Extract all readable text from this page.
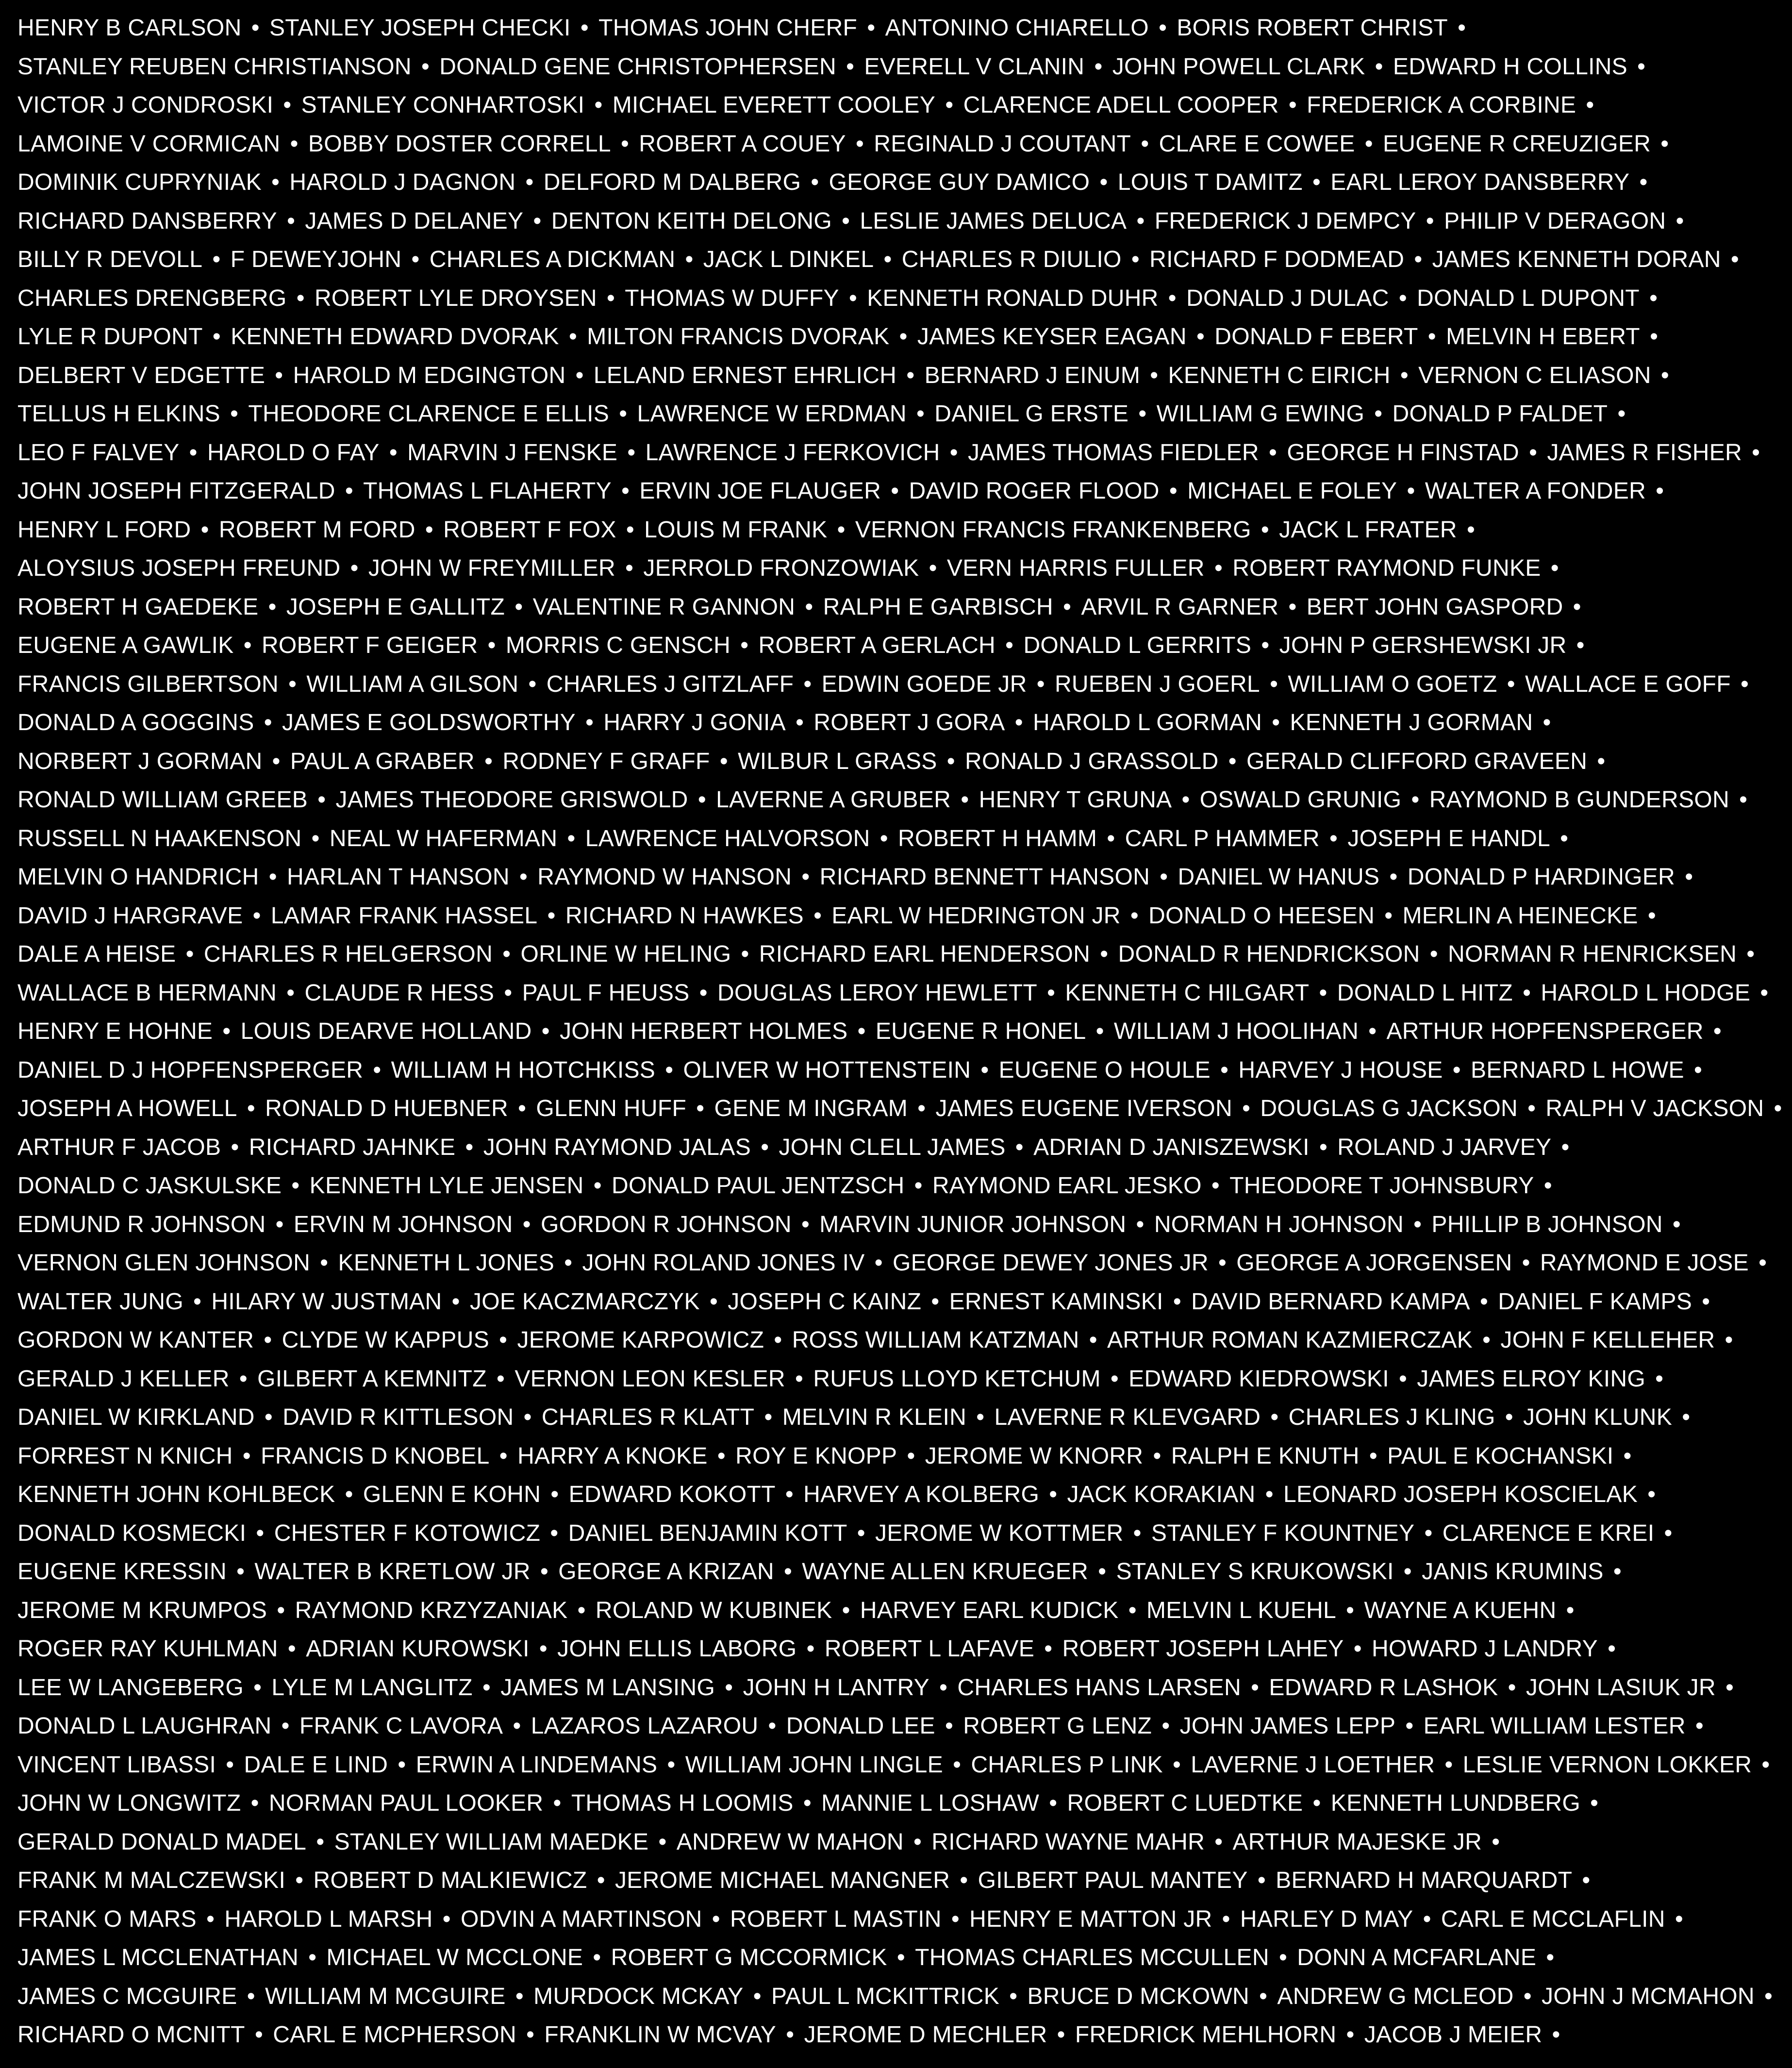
HENRY B CARLSON • STANLEY JOSEPH CHECKI • THOMAS JOHN CHERF • ANTONINO CHIARELLO • BORIS ROBERT CHRIST •
STANLEY REUBEN CHRISTIANSON • DONALD GENE CHRISTOPHERSEN • EVERELL V CLANIN • JOHN POWELL CLARK • EDWARD H COLLINS •
VICTOR J CONDROSKI • STANLEY CONHARTOSKI • MICHAEL EVERETT COOLEY • CLARENCE ADELL COOPER • FREDERICK A CORBINE •
LAMOINE V CORMICAN • BOBBY DOSTER CORRELL • ROBERT A COUEY • REGINALD J COUTANT • CLARE E COWEE • EUGENE R CREUZIGER •
DOMINIK CUPRYNIAK • HAROLD J DAGNON • DELFORD M DALBERG • GEORGE GUY DAMICO • LOUIS T DAMITZ • EARL LEROY DANSBERRY •
RICHARD DANSBERRY • JAMES D DELANEY • DENTON KEITH DELONG • LESLIE JAMES DELUCA • FREDERICK J DEMPCY • PHILIP V DERAGON •
BILLY R DEVOLL • F DEWEYJOHN • CHARLES A DICKMAN • JACK L DINKEL • CHARLES R DIULIO • RICHARD F DODMEAD • JAMES KENNETH DORAN •
CHARLES DRENGBERG • ROBERT LYLE DROYSEN • THOMAS W DUFFY • KENNETH RONALD DUHR • DONALD J DULAC • DONALD L DUPONT •
LYLE R DUPONT • KENNETH EDWARD DVORAK • MILTON FRANCIS DVORAK • JAMES KEYSER EAGAN • DONALD F EBERT • MELVIN H EBERT •
DELBERT V EDGETTE • HAROLD M EDGINGTON • LELAND ERNEST EHRLICH • BERNARD J EINUM • KENNETH C EIRICH • VERNON C ELIASON •
TELLUS H ELKINS • THEODORE CLARENCE E ELLIS • LAWRENCE W ERDMAN • DANIEL G ERSTE • WILLIAM G EWING • DONALD P FALDET •
LEO F FALVEY • HAROLD O FAY • MARVIN J FENSKE • LAWRENCE J FERKOVICH • JAMES THOMAS FIEDLER • GEORGE H FINSTAD • JAMES R FISHER •
JOHN JOSEPH FITZGERALD • THOMAS L FLAHERTY • ERVIN JOE FLAUGER • DAVID ROGER FLOOD • MICHAEL E FOLEY • WALTER A FONDER •
HENRY L FORD • ROBERT M FORD • ROBERT F FOX • LOUIS M FRANK • VERNON FRANCIS FRANKENBERG • JACK L FRATER •
ALOYSIUS JOSEPH FREUND • JOHN W FREYMILLER • JERROLD FRONZOWIAK • VERN HARRIS FULLER • ROBERT RAYMOND FUNKE •
ROBERT H GAEDEKE • JOSEPH E GALLITZ • VALENTINE R GANNON • RALPH E GARBISCH • ARVIL R GARNER • BERT JOHN GASPORD •
EUGENE A GAWLIK • ROBERT F GEIGER • MORRIS C GENSCH • ROBERT A GERLACH • DONALD L GERRITS • JOHN P GERSHEWSKI JR •
FRANCIS GILBERTSON • WILLIAM A GILSON • CHARLES J GITZLAFF • EDWIN GOEDE JR • RUEBEN J GOERL • WILLIAM O GOETZ • WALLACE E GOFF •
DONALD A GOGGINS • JAMES E GOLDSWORTHY • HARRY J GONIA • ROBERT J GORA • HAROLD L GORMAN • KENNETH J GORMAN •
NORBERT J GORMAN • PAUL A GRABER • RODNEY F GRAFF • WILBUR L GRASS • RONALD J GRASSOLD • GERALD CLIFFORD GRAVEEN •
RONALD WILLIAM GREEB • JAMES THEODORE GRISWOLD • LAVERNE A GRUBER • HENRY T GRUNA • OSWALD GRUNIG • RAYMOND B GUNDERSON •
RUSSELL N HAAKENSON • NEAL W HAFERMAN • LAWRENCE HALVORSON • ROBERT H HAMM • CARL P HAMMER • JOSEPH E HANDL •
MELVIN O HANDRICH • HARLAN T HANSON • RAYMOND W HANSON • RICHARD BENNETT HANSON • DANIEL W HANUS • DONALD P HARDINGER •
DAVID J HARGRAVE • LAMAR FRANK HASSEL • RICHARD N HAWKES • EARL W HEDRINGTON JR • DONALD O HEESEN • MERLIN A HEINECKE •
DALE A HEISE • CHARLES R HELGERSON • ORLINE W HELING • RICHARD EARL HENDERSON • DONALD R HENDRICKSON • NORMAN R HENRICKSEN •
WALLACE B HERMANN • CLAUDE R HESS • PAUL F HEUSS • DOUGLAS LEROY HEWLETT • KENNETH C HILGART • DONALD L HITZ • HAROLD L HODGE •
HENRY E HOHNE • LOUIS DEARVE HOLLAND • JOHN HERBERT HOLMES • EUGENE R HONEL • WILLIAM J HOOLIHAN • ARTHUR HOPFENSPERGER •
DANIEL D J HOPFENSPERGER • WILLIAM H HOTCHKISS • OLIVER W HOTTENSTEIN • EUGENE O HOULE • HARVEY J HOUSE • BERNARD L HOWE •
JOSEPH A HOWELL • RONALD D HUEBNER • GLENN HUFF • GENE M INGRAM • JAMES EUGENE IVERSON • DOUGLAS G JACKSON • RALPH V JACKSON •
ARTHUR F JACOB • RICHARD JAHNKE • JOHN RAYMOND JALAS • JOHN CLELL JAMES • ADRIAN D JANISZEWSKI • ROLAND J JARVEY •
DONALD C JASKULSKE • KENNETH LYLE JENSEN • DONALD PAUL JENTZSCH • RAYMOND EARL JESKO • THEODORE T JOHNSBURY •
EDMUND R JOHNSON • ERVIN M JOHNSON • GORDON R JOHNSON • MARVIN JUNIOR JOHNSON • NORMAN H JOHNSON • PHILLIP B JOHNSON •
VERNON GLEN JOHNSON • KENNETH L JONES • JOHN ROLAND JONES IV • GEORGE DEWEY JONES JR • GEORGE A JORGENSEN • RAYMOND E JOSE •
WALTER JUNG • HILARY W JUSTMAN • JOE KACZMARCZYK • JOSEPH C KAINZ • ERNEST KAMINSKI • DAVID BERNARD KAMPA • DANIEL F KAMPS •
GORDON W KANTER • CLYDE W KAPPUS • JEROME KARPOWICZ • ROSS WILLIAM KATZMAN • ARTHUR ROMAN KAZMIERCZAK • JOHN F KELLEHER •
GERALD J KELLER • GILBERT A KEMNITZ • VERNON LEON KESLER • RUFUS LLOYD KETCHUM • EDWARD KIEDROWSKI • JAMES ELROY KING •
DANIEL W KIRKLAND • DAVID R KITTLESON • CHARLES R KLATT • MELVIN R KLEIN • LAVERNE R KLEVGARD • CHARLES J KLING • JOHN KLUNK •
FORREST N KNICH • FRANCIS D KNOBEL • HARRY A KNOKE • ROY E KNOPP • JEROME W KNORR • RALPH E KNUTH • PAUL E KOCHANSKI •
KENNETH JOHN KOHLBECK • GLENN E KOHN • EDWARD KOKOTT • HARVEY A KOLBERG • JACK KORAKIAN • LEONARD JOSEPH KOSCIELAK •
DONALD KOSMECKI • CHESTER F KOTOWICZ • DANIEL BENJAMIN KOTT • JEROME W KOTTMER • STANLEY F KOUNTNEY • CLARENCE E KREI •
EUGENE KRESSIN • WALTER B KRETLOW JR • GEORGE A KRIZAN • WAYNE ALLEN KRUEGER • STANLEY S KRUKOWSKI • JANIS KRUMINS •
JEROME M KRUMPOS • RAYMOND KRZYZANIAK • ROLAND W KUBINEK • HARVEY EARL KUDICK • MELVIN L KUEHL • WAYNE A KUEHN •
ROGER RAY KUHLMAN • ADRIAN KUROWSKI • JOHN ELLIS LABORG • ROBERT L LAFAVE • ROBERT JOSEPH LAHEY • HOWARD J LANDRY •
LEE W LANGEBERG • LYLE M LANGLITZ • JAMES M LANSING • JOHN H LANTRY • CHARLES HANS LARSEN • EDWARD R LASHOK • JOHN LASIUK JR •
DONALD L LAUGHRAN • FRANK C LAVORA • LAZAROS LAZAROU • DONALD LEE • ROBERT G LENZ • JOHN JAMES LEPP • EARL WILLIAM LESTER •
VINCENT LIBASSI • DALE E LIND • ERWIN A LINDEMANS • WILLIAM JOHN LINGLE • CHARLES P LINK • LAVERNE J LOETHER • LESLIE VERNON LOKKER •
JOHN W LONGWITZ • NORMAN PAUL LOOKER • THOMAS H LOOMIS • MANNIE L LOSHAW • ROBERT C LUEDTKE • KENNETH LUNDBERG •
GERALD DONALD MADEL • STANLEY WILLIAM MAEDKE • ANDREW W MAHON • RICHARD WAYNE MAHR • ARTHUR MAJESKE JR •
FRANK M MALCZEWSKI • ROBERT D MALKIEWICZ • JEROME MICHAEL MANGNER • GILBERT PAUL MANTEY • BERNARD H MARQUARDT •
FRANK O MARS • HAROLD L MARSH • ODVIN A MARTINSON • ROBERT L MASTIN • HENRY E MATTON JR • HARLEY D MAY • CARL E MCCLAFLIN •
JAMES L MCCLENATHAN • MICHAEL W MCCLONE • ROBERT G MCCORMICK • THOMAS CHARLES MCCULLEN • DONN A MCFARLANE •
JAMES C MCGUIRE • WILLIAM M MCGUIRE • MURDOCK MCKAY • PAUL L MCKITTRICK • BRUCE D MCKOWN • ANDREW G MCLEOD • JOHN J MCMAHON •
RICHARD O MCNITT • CARL E MCPHERSON • FRANKLIN W MCVAY • JEROME D MECHLER • FREDRICK MEHLHORN • JACOB J MEIER •
